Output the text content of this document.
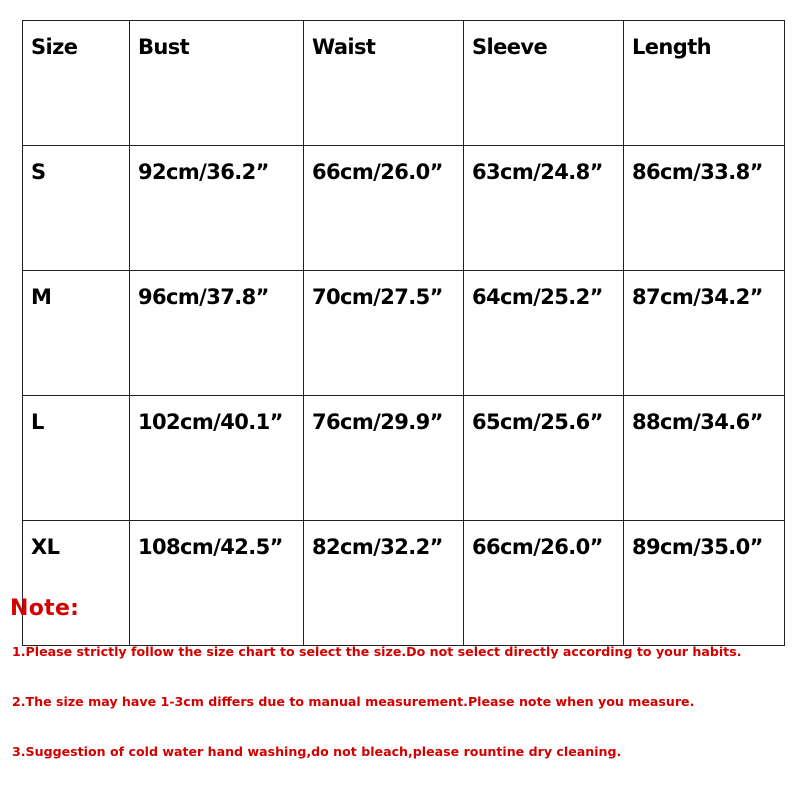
Size	Bust	Waist	Sleeve	Length
S	92cm/36.2”	66cm/26.0”	63cm/24.8”	86cm/33.8”
M	96cm/37.8”	70cm/27.5”	64cm/25.2”	87cm/34.2”
L	102cm/40.1”	76cm/29.9”	65cm/25.6”	88cm/34.6”
XL	108cm/42.5”	82cm/32.2”	66cm/26.0”	89cm/35.0”
Note:

1.Please strictly follow the size chart to select the size.Do not select directly according to your habits.

2.The size may have 1-3cm differs due to manual measurement.Please note when you measure.

3.Suggestion of cold water hand washing,do not bleach,please rountine dry cleaning.
